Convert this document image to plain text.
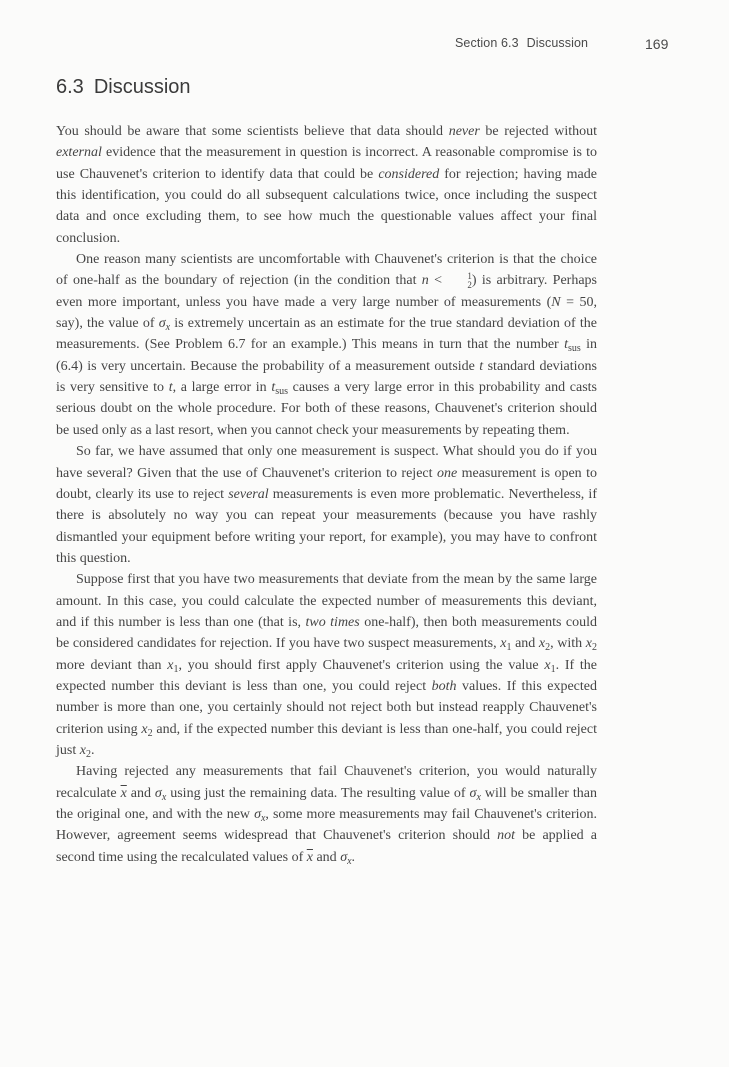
Section 6.3 Discussion	169
6.3 Discussion

You should be aware that some scientists believe that data should never be rejected without external evidence that the measurement in question is incorrect. A reasonable compromise is to use Chauvenet's criterion to identify data that could be considered for rejection; having made this identification, you could do all subsequent calculations twice, once including the suspect data and once excluding them, to see how much the questionable values affect your final conclusion.

One reason many scientists are uncomfortable with Chauvenet's criterion is that the choice of one-half as the boundary of rejection (in the condition that n <	1
2 ) is arbitrary. Perhaps even more important, unless you have made a very large number of measurements (N = 50, say), the value of $\sigma_x$ is extremely uncertain as an estimate for the true standard deviation of the measurements. (See Problem 6.7 for an example.) This means in turn that the number $t_{sus}$ in (6.4) is very uncertain. Because the probability of a measurement outside t standard deviations is very sensitive to t, a large error in $t_{sus}$ causes a very large error in this probability and casts serious doubt on the whole procedure. For both of these reasons, Chauvenet's criterion should be used only as a last resort, when you cannot check your measurements by repeating them.

So far, we have assumed that only one measurement is suspect. What should you do if you have several? Given that the use of Chauvenet's criterion to reject one measurement is open to doubt, clearly its use to reject several measurements is even more problematic. Nevertheless, if there is absolutely no way you can repeat your measurements (because you have rashly dismantled your equipment before writing your report, for example), you may have to confront this question.

Suppose first that you have two measurements that deviate from the mean by the same large amount. In this case, you could calculate the expected number of measurements this deviant, and if this number is less than one (that is, two times one-half), then both measurements could be considered candidates for rejection. If you have two suspect measurements, $x_1$ and $x_2$, with $x_2$ more deviant than $x_1$, you should first apply Chauvenet's criterion using the value $x_1$. If the expected number this deviant is less than one, you could reject both values. If this expected number is more than one, you certainly should not reject both but instead reapply Chauvenet's criterion using $x_2$ and, if the expected number this deviant is less than one-half, you could reject just $x_2$.

Having rejected any measurements that fail Chauvenet's criterion, you would naturally recalculate $\overline{x}$ and $\sigma_x$ using just the remaining data. The resulting value of $\sigma_x$ will be smaller than the original one, and with the new $\sigma_x$, some more measurements may fail Chauvenet's criterion. However, agreement seems widespread that Chauvenet's criterion should not be applied a second time using the recalculated values of $\overline{x}$ and $\sigma_x$.
